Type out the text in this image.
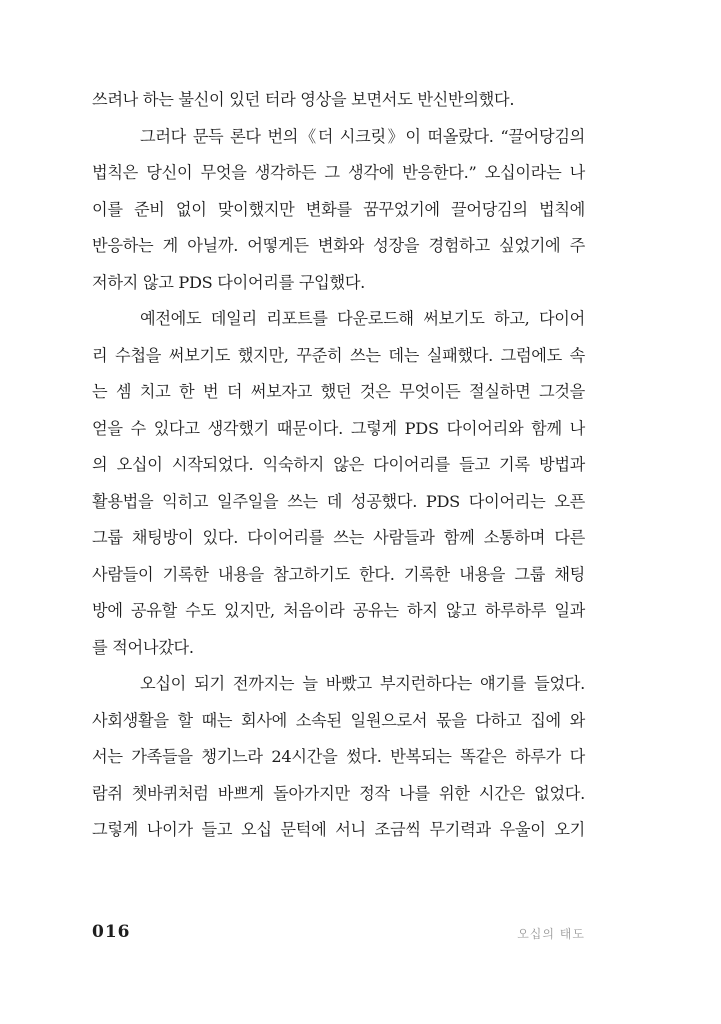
쓰려나 하는 불신이 있던 터라 영상을 보면서도 반신반의했다.
그러다 문득 론다 번의《더 시크릿》이 떠올랐다. “끌어당김의
법칙은 당신이 무엇을 생각하든 그 생각에 반응한다.” 오십이라는 나
이를 준비 없이 맞이했지만 변화를 꿈꾸었기에 끌어당김의 법칙에
반응하는 게 아닐까. 어떻게든 변화와 성장을 경험하고 싶었기에 주
저하지 않고 PDS 다이어리를 구입했다.
예전에도 데일리 리포트를 다운로드해 써보기도 하고, 다이어
리 수첩을 써보기도 했지만, 꾸준히 쓰는 데는 실패했다. 그럼에도 속
는 셈 치고 한 번 더 써보자고 했던 것은 무엇이든 절실하면 그것을
얻을 수 있다고 생각했기 때문이다. 그렇게 PDS 다이어리와 함께 나
의 오십이 시작되었다. 익숙하지 않은 다이어리를 들고 기록 방법과
활용법을 익히고 일주일을 쓰는 데 성공했다. PDS 다이어리는 오픈
그룹 채팅방이 있다. 다이어리를 쓰는 사람들과 함께 소통하며 다른
사람들이 기록한 내용을 참고하기도 한다. 기록한 내용을 그룹 채팅
방에 공유할 수도 있지만, 처음이라 공유는 하지 않고 하루하루 일과
를 적어나갔다.
오십이 되기 전까지는 늘 바빴고 부지런하다는 얘기를 들었다.
사회생활을 할 때는 회사에 소속된 일원으로서 몫을 다하고 집에 와
서는 가족들을 챙기느라 24시간을 썼다. 반복되는 똑같은 하루가 다
람쥐 쳇바퀴처럼 바쁘게 돌아가지만 정작 나를 위한 시간은 없었다.
그렇게 나이가 들고 오십 문턱에 서니 조금씩 무기력과 우울이 오기
016	오십의 태도
